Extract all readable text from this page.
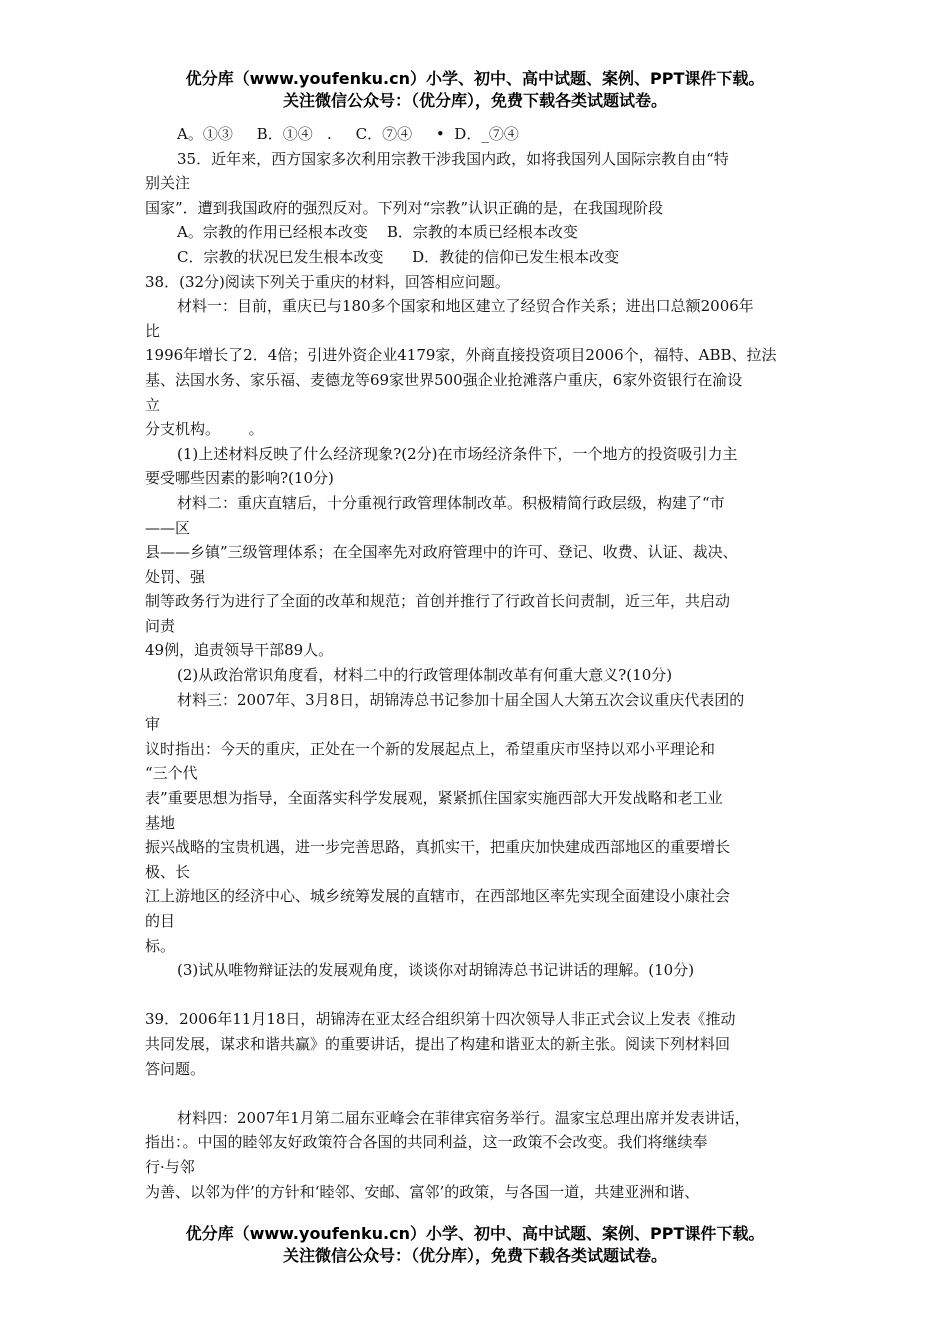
优分库（www.youfenku.cn）小学、初中、高中试题、案例、PPT课件下载。
关注微信公众号：（优分库），免费下载各类试题试卷。
A。①③     B．①④   .     C．⑦④     •  D．_⑦④
35．近年来，西方国家多次利用宗教干涉我国内政，如将我国列人国际宗教自由“特
别关注
国家”．遭到我国政府的强烈反对。下列对“宗教”认识正确的是，在我国现阶段
A。宗教的作用已经根本改变    B．宗教的本质已经根本改变
C．宗教的状况巳发生根本改变      D．教徒的信仰已发生根本改变
38．(32分)阅读下列关于重庆的材料，回答相应问题。
材料一：目前，重庆已与180多个国家和地区建立了经贸合作关系；进出口总额2006年
比
1996年增长了2．4倍；引进外资企业4179家，外商直接投资项目2006个，福特、ABB、拉法
基、法国水务、家乐福、麦德龙等69家世界500强企业抢滩落户重庆，6家外资银行在渝设
立
分支机构。      。
(1)上述材料反映了什么经济现象?(2分)在市场经济条件下，一个地方的投资吸引力主
要受哪些因素的影响?(10分)
材料二：重庆直辖后，十分重视行政管理体制改革。积极精简行政层级，构建了“市
——区
县——乡镇”三级管理体系；在全国率先对政府管理中的许可、登记、收费、认证、裁决、
处罚、强
制等政务行为进行了全面的改革和规范；首创并推行了行政首长问责制，近三年，共启动
问责
49例，追责领导干部89人。
(2)从政治常识角度看，材料二中的行政管理体制改革有何重大意义?(10分)
材料三：2007年、3月8日，胡锦涛总书记参加十届全国人大第五次会议重庆代表团的
审
议时指出：今天的重庆，正处在一个新的发展起点上，希望重庆市坚持以邓小平理论和
“三个代
表”重要思想为指导，全面落实科学发展观，紧紧抓住国家实施西部大开发战略和老工业
基地
振兴战略的宝贵机遇，进一步完善思路，真抓实干，把重庆加快建成西部地区的重要增长
极、长
江上游地区的经济中心、城乡统筹发展的直辖市，在西部地区率先实现全面建设小康社会
的目
标。
(3)试从唯物辩证法的发展观角度，谈谈你对胡锦涛总书记讲话的理解。(10分)
39．2006年11月18日，胡锦涛在亚太经合组织第十四次领导人非正式会议上发表《推动
共同发展，谋求和谐共赢》的重要讲话，提出了构建和谐亚太的新主张。阅读下列材料回
答问题。
材料四：2007年1月第二届东亚峰会在菲律宾宿务举行。温家宝总理出席并发表讲话，
指出：。中国的睦邻友好政策符合各国的共同利益，这一政策不会改变。我们将继续奉
行·与邻
为善、以邻为伴’的方针和‘睦邻、安邮、富邻’的政策，与各国一道，共建亚洲和谐、
优分库（www.youfenku.cn）小学、初中、高中试题、案例、PPT课件下载。
关注微信公众号：（优分库），免费下载各类试题试卷。
